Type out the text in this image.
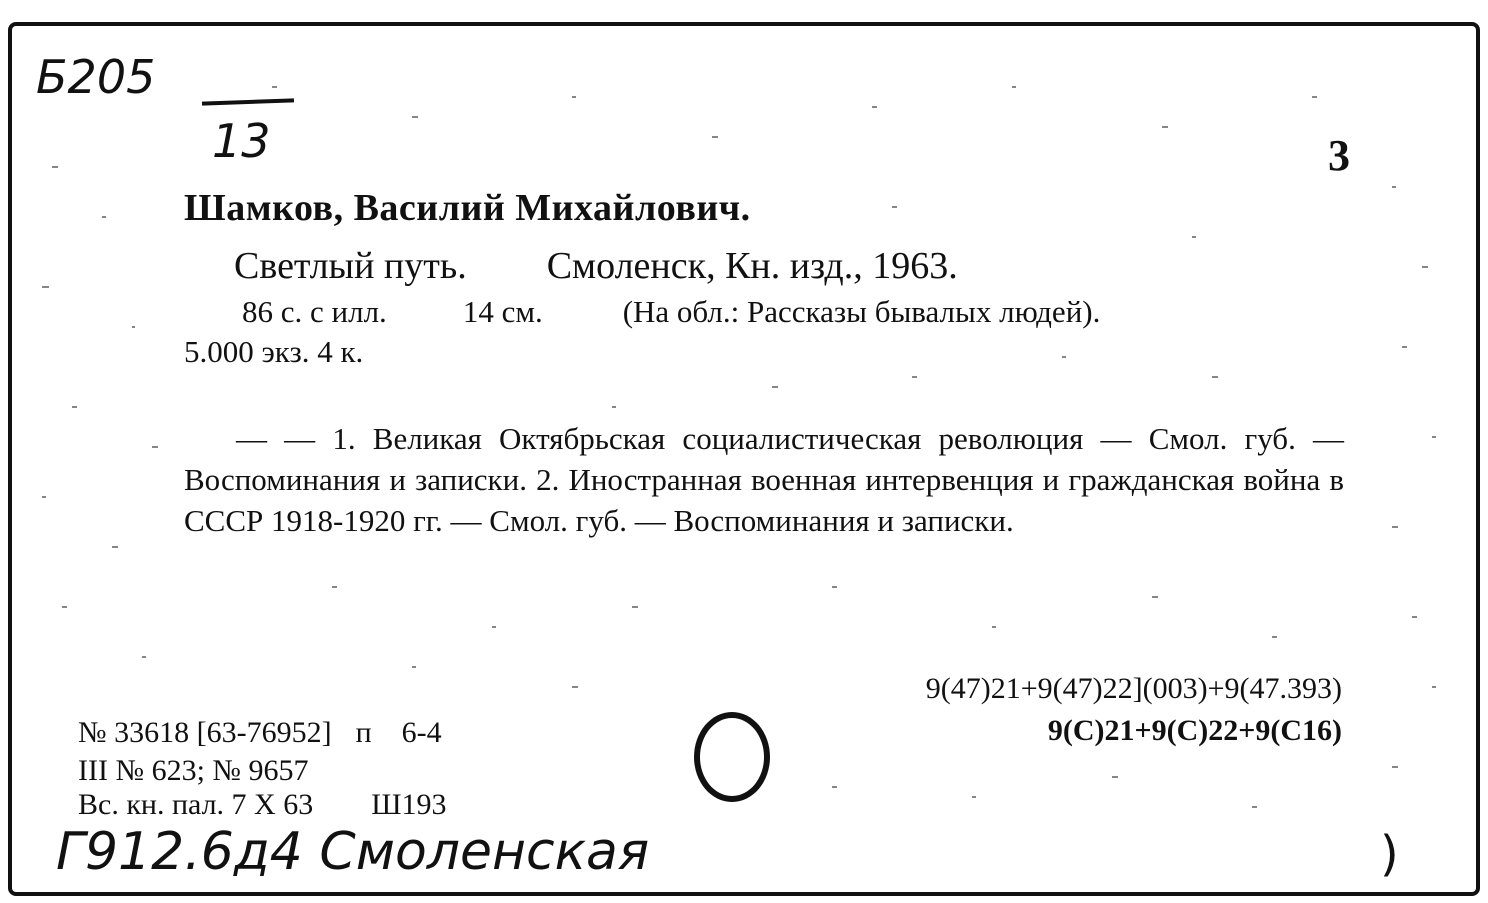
Б205
13	3
Шамков, Василий Михайлович.
Светлый путь. Смоленск, Кн. изд., 1963.
86 с. с илл. 14 см.	(На обл.: Рассказы бывалых людей).
5.000 экз. 4 к.
— — 1. Великая Октябрьская социалистическая революция — Смол. губ. — Воспоминания и записки. 2. Иностранная военная интервенция и гражданская война в СССР 1918-1920 гг. — Смол. губ. — Воспоминания и записки.
9(47)21+9(47)22](003)+9(47.393)
9(C)21+9(C)22+9(C16)
№ 33618 [63-76952] п 6-4
III № 623; № 9657
Вс. кн. пал. 7 X 63 Ш193
Г912.6д4 Смоленская	)
